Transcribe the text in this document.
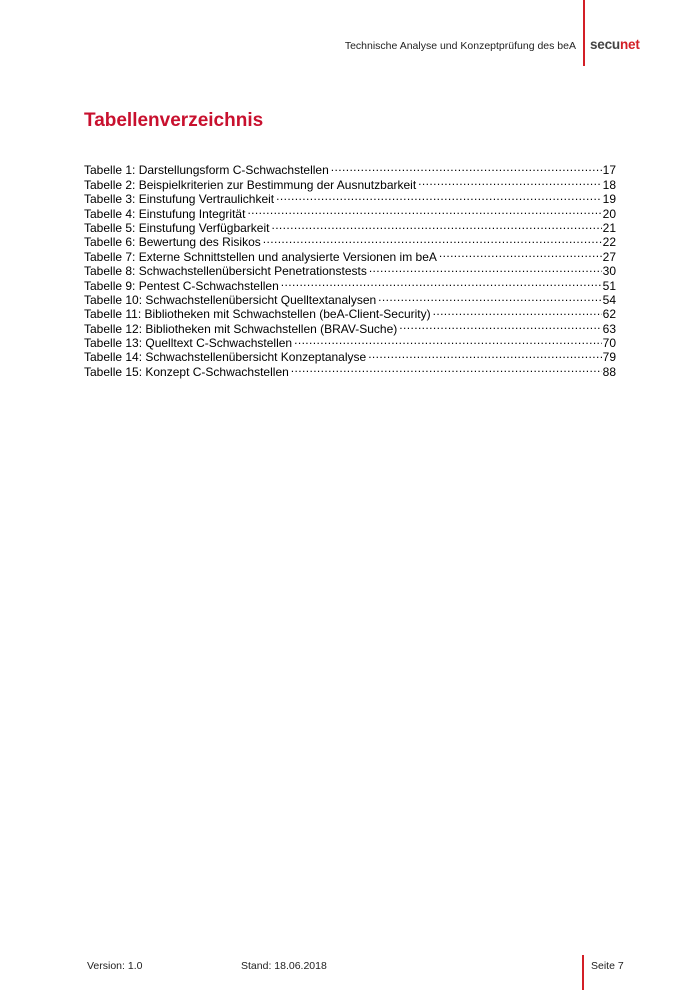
Technische Analyse und Konzeptprüfung des beA secunet
Tabellenverzeichnis
Tabelle 1: Darstellungsform C-Schwachstellen .....	17
Tabelle 2: Beispielkriterien zur Bestimmung der Ausnutzbarkeit .....	18
Tabelle 3: Einstufung Vertraulichkeit .....	19
Tabelle 4: Einstufung Integrität .....	20
Tabelle 5: Einstufung Verfügbarkeit .....	21
Tabelle 6: Bewertung des Risikos .....	22
Tabelle 7: Externe Schnittstellen und analysierte Versionen im beA .....	27
Tabelle 8: Schwachstellenübersicht Penetrationstests .....	30
Tabelle 9: Pentest C-Schwachstellen .....	51
Tabelle 10: Schwachstellenübersicht Quelltextanalysen .....	54
Tabelle 11: Bibliotheken mit Schwachstellen (beA-Client-Security) .....	62
Tabelle 12: Bibliotheken mit Schwachstellen (BRAV-Suche) .....	63
Tabelle 13: Quelltext C-Schwachstellen .....	70
Tabelle 14: Schwachstellenübersicht Konzeptanalyse .....	79
Tabelle 15: Konzept C-Schwachstellen .....	88
Version: 1.0	Stand: 18.06.2018	Seite 7
